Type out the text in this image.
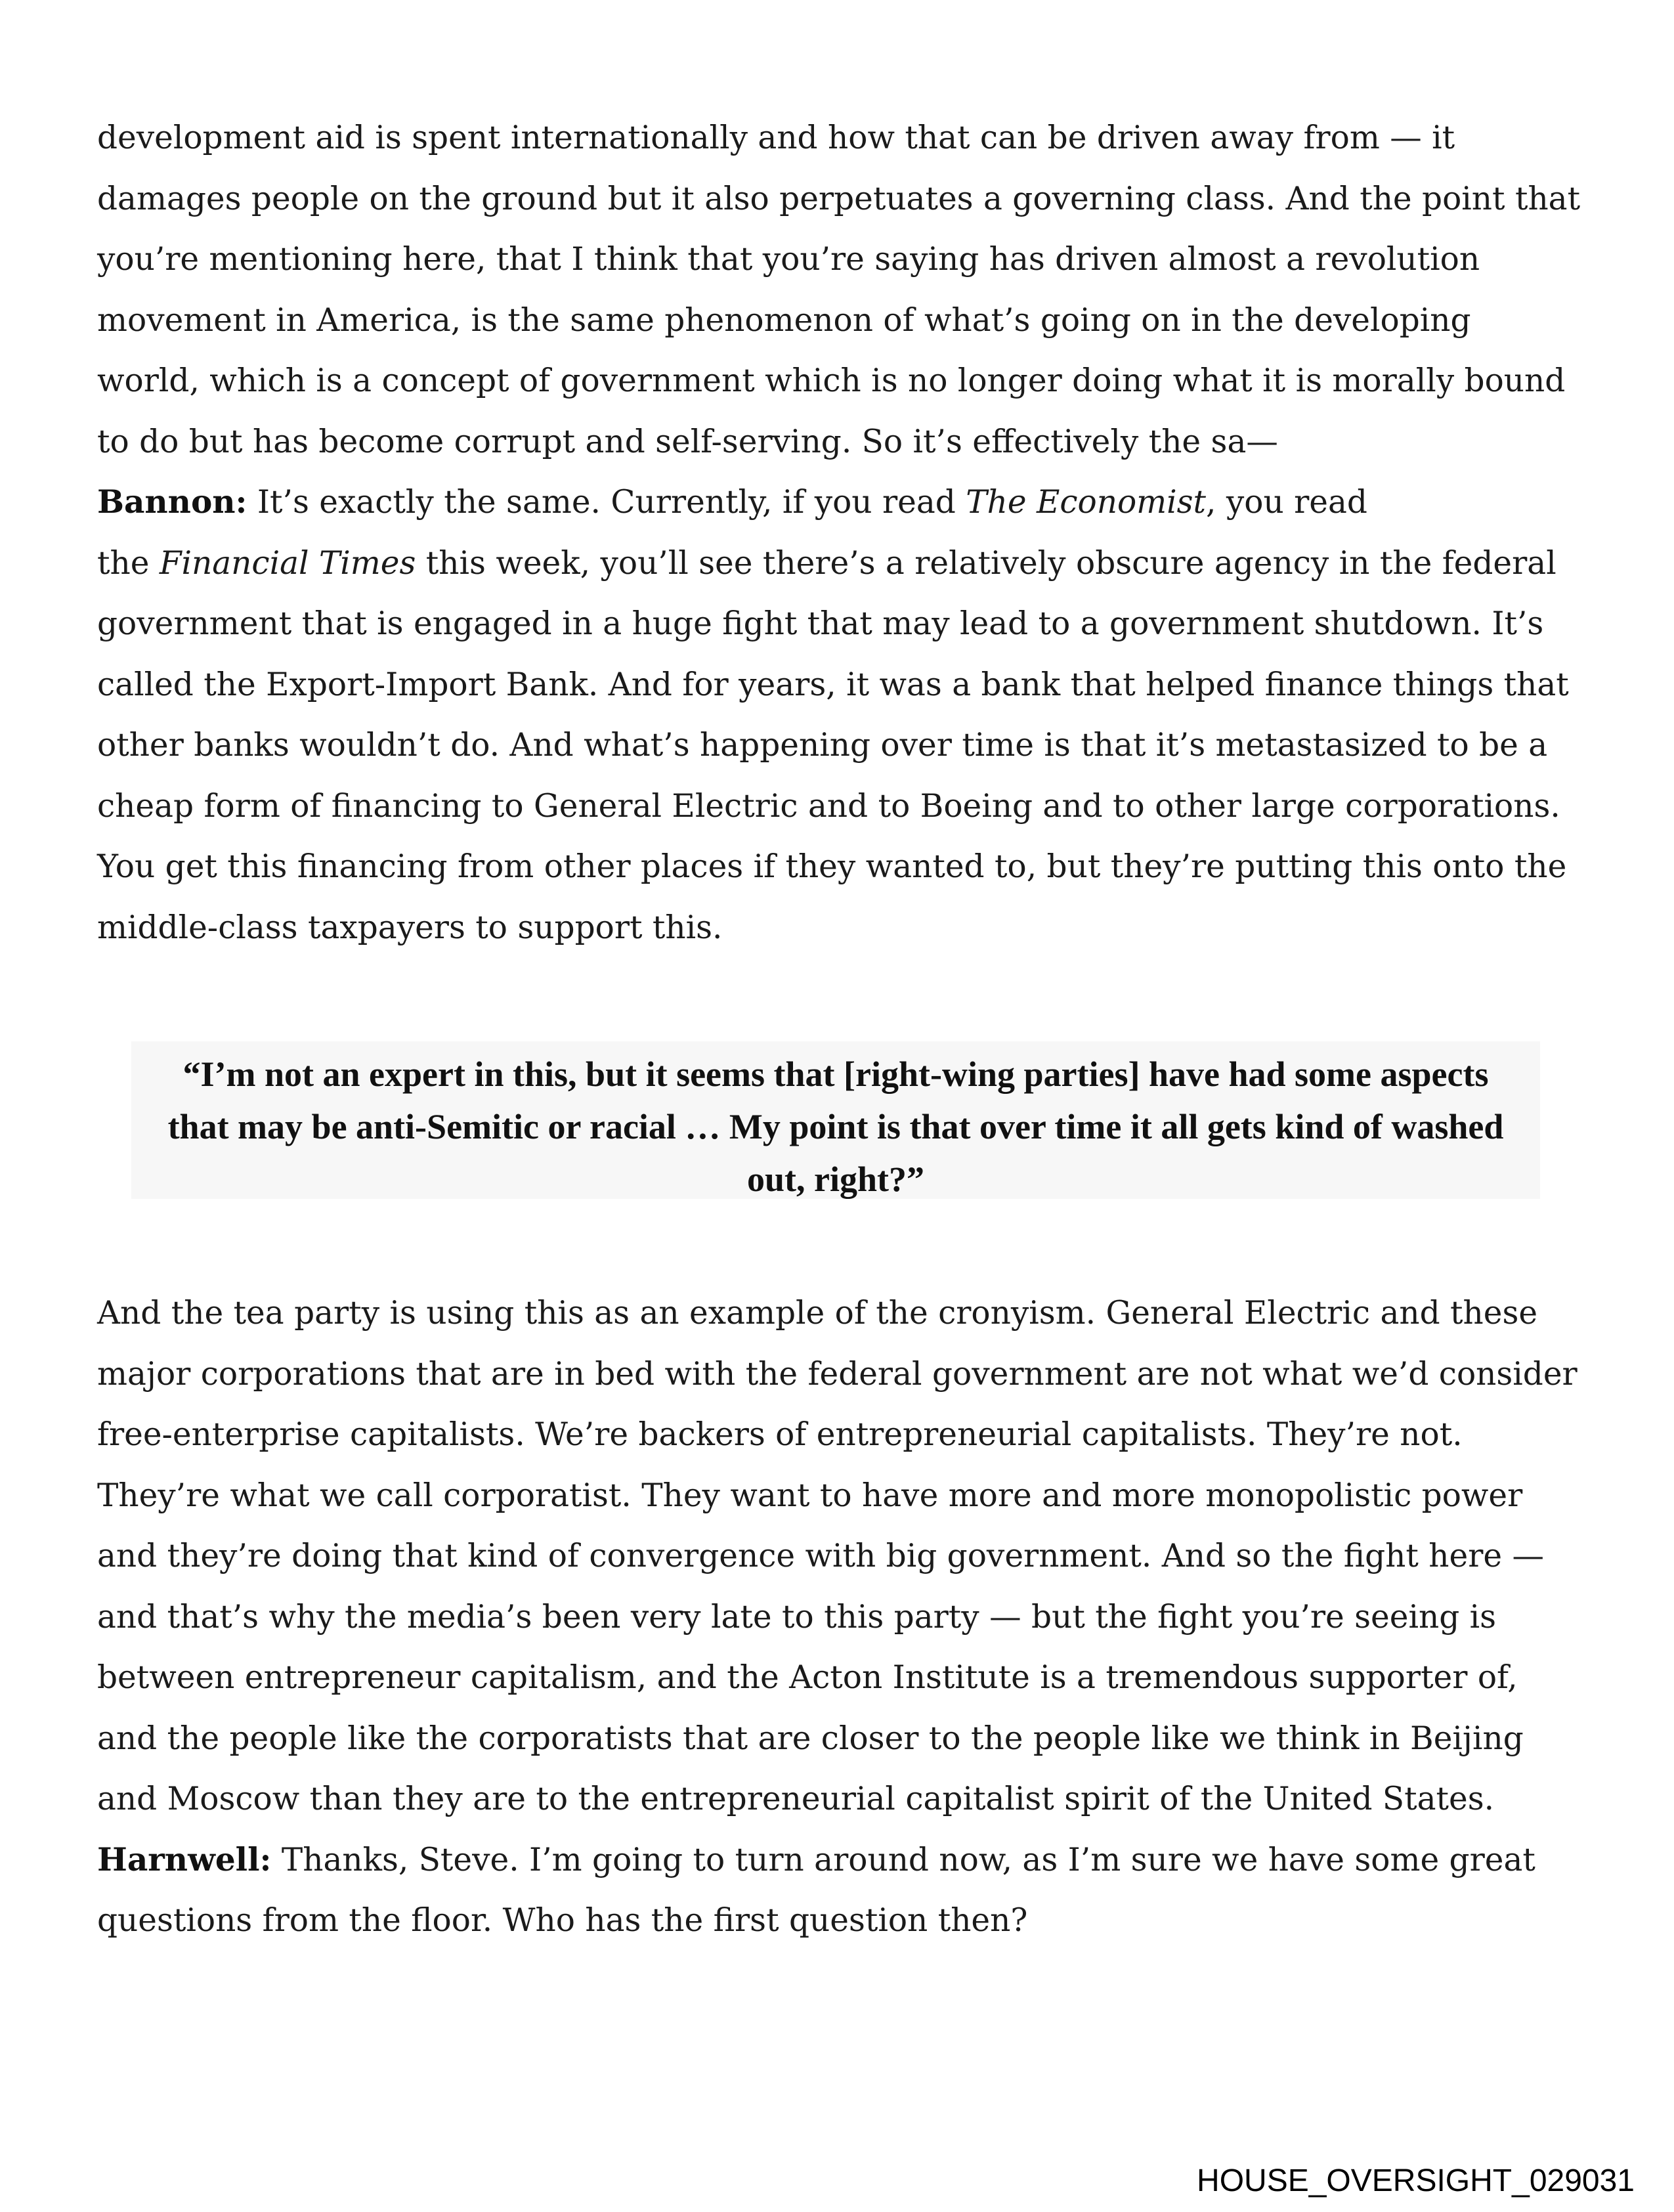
development aid is spent internationally and how that can be driven away from — it
damages people on the ground but it also perpetuates a governing class. And the point that
you’re mentioning here, that I think that you’re saying has driven almost a revolution
movement in America, is the same phenomenon of what’s going on in the developing
world, which is a concept of government which is no longer doing what it is morally bound
to do but has become corrupt and self-serving. So it’s effectively the sa—
Bannon: It’s exactly the same. Currently, if you read The Economist, you read
the Financial Times this week, you’ll see there’s a relatively obscure agency in the federal
government that is engaged in a huge fight that may lead to a government shutdown. It’s
called the Export-Import Bank. And for years, it was a bank that helped finance things that
other banks wouldn’t do. And what’s happening over time is that it’s metastasized to be a
cheap form of financing to General Electric and to Boeing and to other large corporations.
You get this financing from other places if they wanted to, but they’re putting this onto the
middle-class taxpayers to support this.
“I’m not an expert in this, but it seems that [right-wing parties] have had some aspects
that may be anti-Semitic or racial … My point is that over time it all gets kind of washed
out, right?”
And the tea party is using this as an example of the cronyism. General Electric and these
major corporations that are in bed with the federal government are not what we’d consider
free-enterprise capitalists. We’re backers of entrepreneurial capitalists. They’re not.
They’re what we call corporatist. They want to have more and more monopolistic power
and they’re doing that kind of convergence with big government. And so the fight here —
and that’s why the media’s been very late to this party — but the fight you’re seeing is
between entrepreneur capitalism, and the Acton Institute is a tremendous supporter of,
and the people like the corporatists that are closer to the people like we think in Beijing
and Moscow than they are to the entrepreneurial capitalist spirit of the United States.
Harnwell: Thanks, Steve. I’m going to turn around now, as I’m sure we have some great
questions from the floor. Who has the first question then?
HOUSE_OVERSIGHT_029031
